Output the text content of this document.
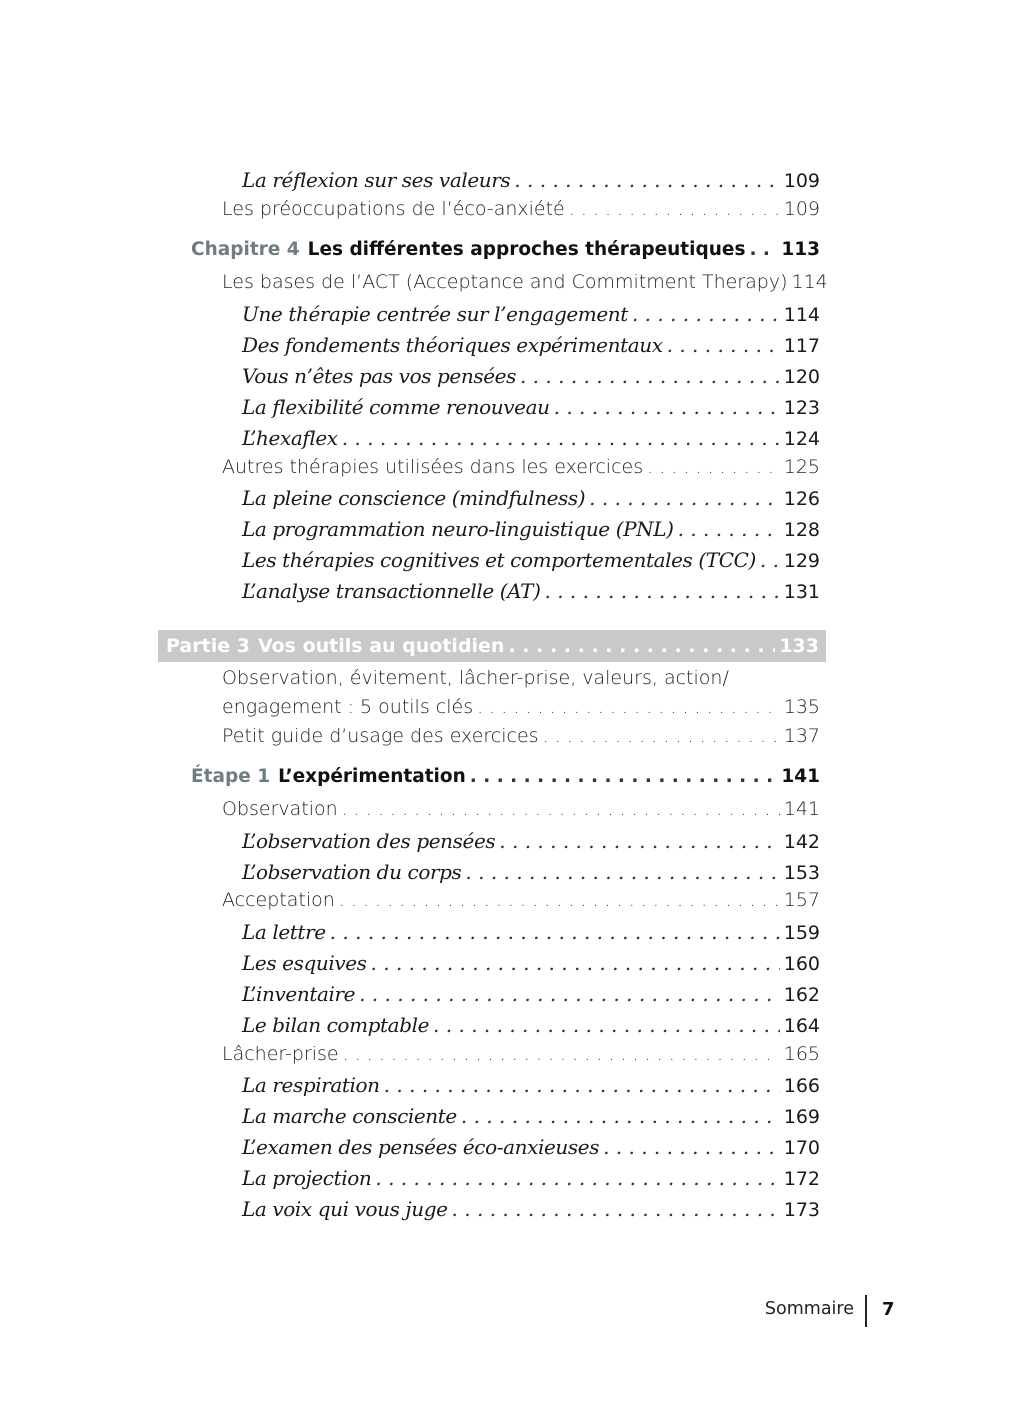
La réflexion sur ses valeurs . . .	109
Les préoccupations de l’éco-anxiété . . .	109
Chapitre 4 Les différentes approches thérapeutiques . . . 113
Les bases de l’ACT (Acceptance and Commitment Therapy) 114
Une thérapie centrée sur l’engagement . . .	114
Des fondements théoriques expérimentaux . . .	117
Vous n’êtes pas vos pensées . . .	120
La flexibilité comme renouveau . . .	123
L’hexaflex . . .	124
Autres thérapies utilisées dans les exercices . . .	125
La pleine conscience (mindfulness) . . .	126
La programmation neuro-linguistique (PNL) . . .	128
Les thérapies cognitives et comportementales (TCC) . . . 129
L’analyse transactionnelle (AT) . . .	131
Partie 3 Vos outils au quotidien . . .	133
Observation, évitement, lâcher-prise, valeurs, action/
engagement : 5 outils clés . . .	135
Petit guide d’usage des exercices . . .	137
Étape 1 L’expérimentation . . .	141
Observation . . .	141
L’observation des pensées . . .	142
L’observation du corps . . .	153
Acceptation . . .	157
La lettre . . .	159
Les esquives . . .	160
L’inventaire . . .	162
Le bilan comptable . . .	164
Lâcher-prise . . .	165
La respiration . . .	166
La marche consciente . . .	169
L’examen des pensées éco-anxieuses . . .	170
La projection . . .	172
La voix qui vous juge . . .	173
Sommaire 7
